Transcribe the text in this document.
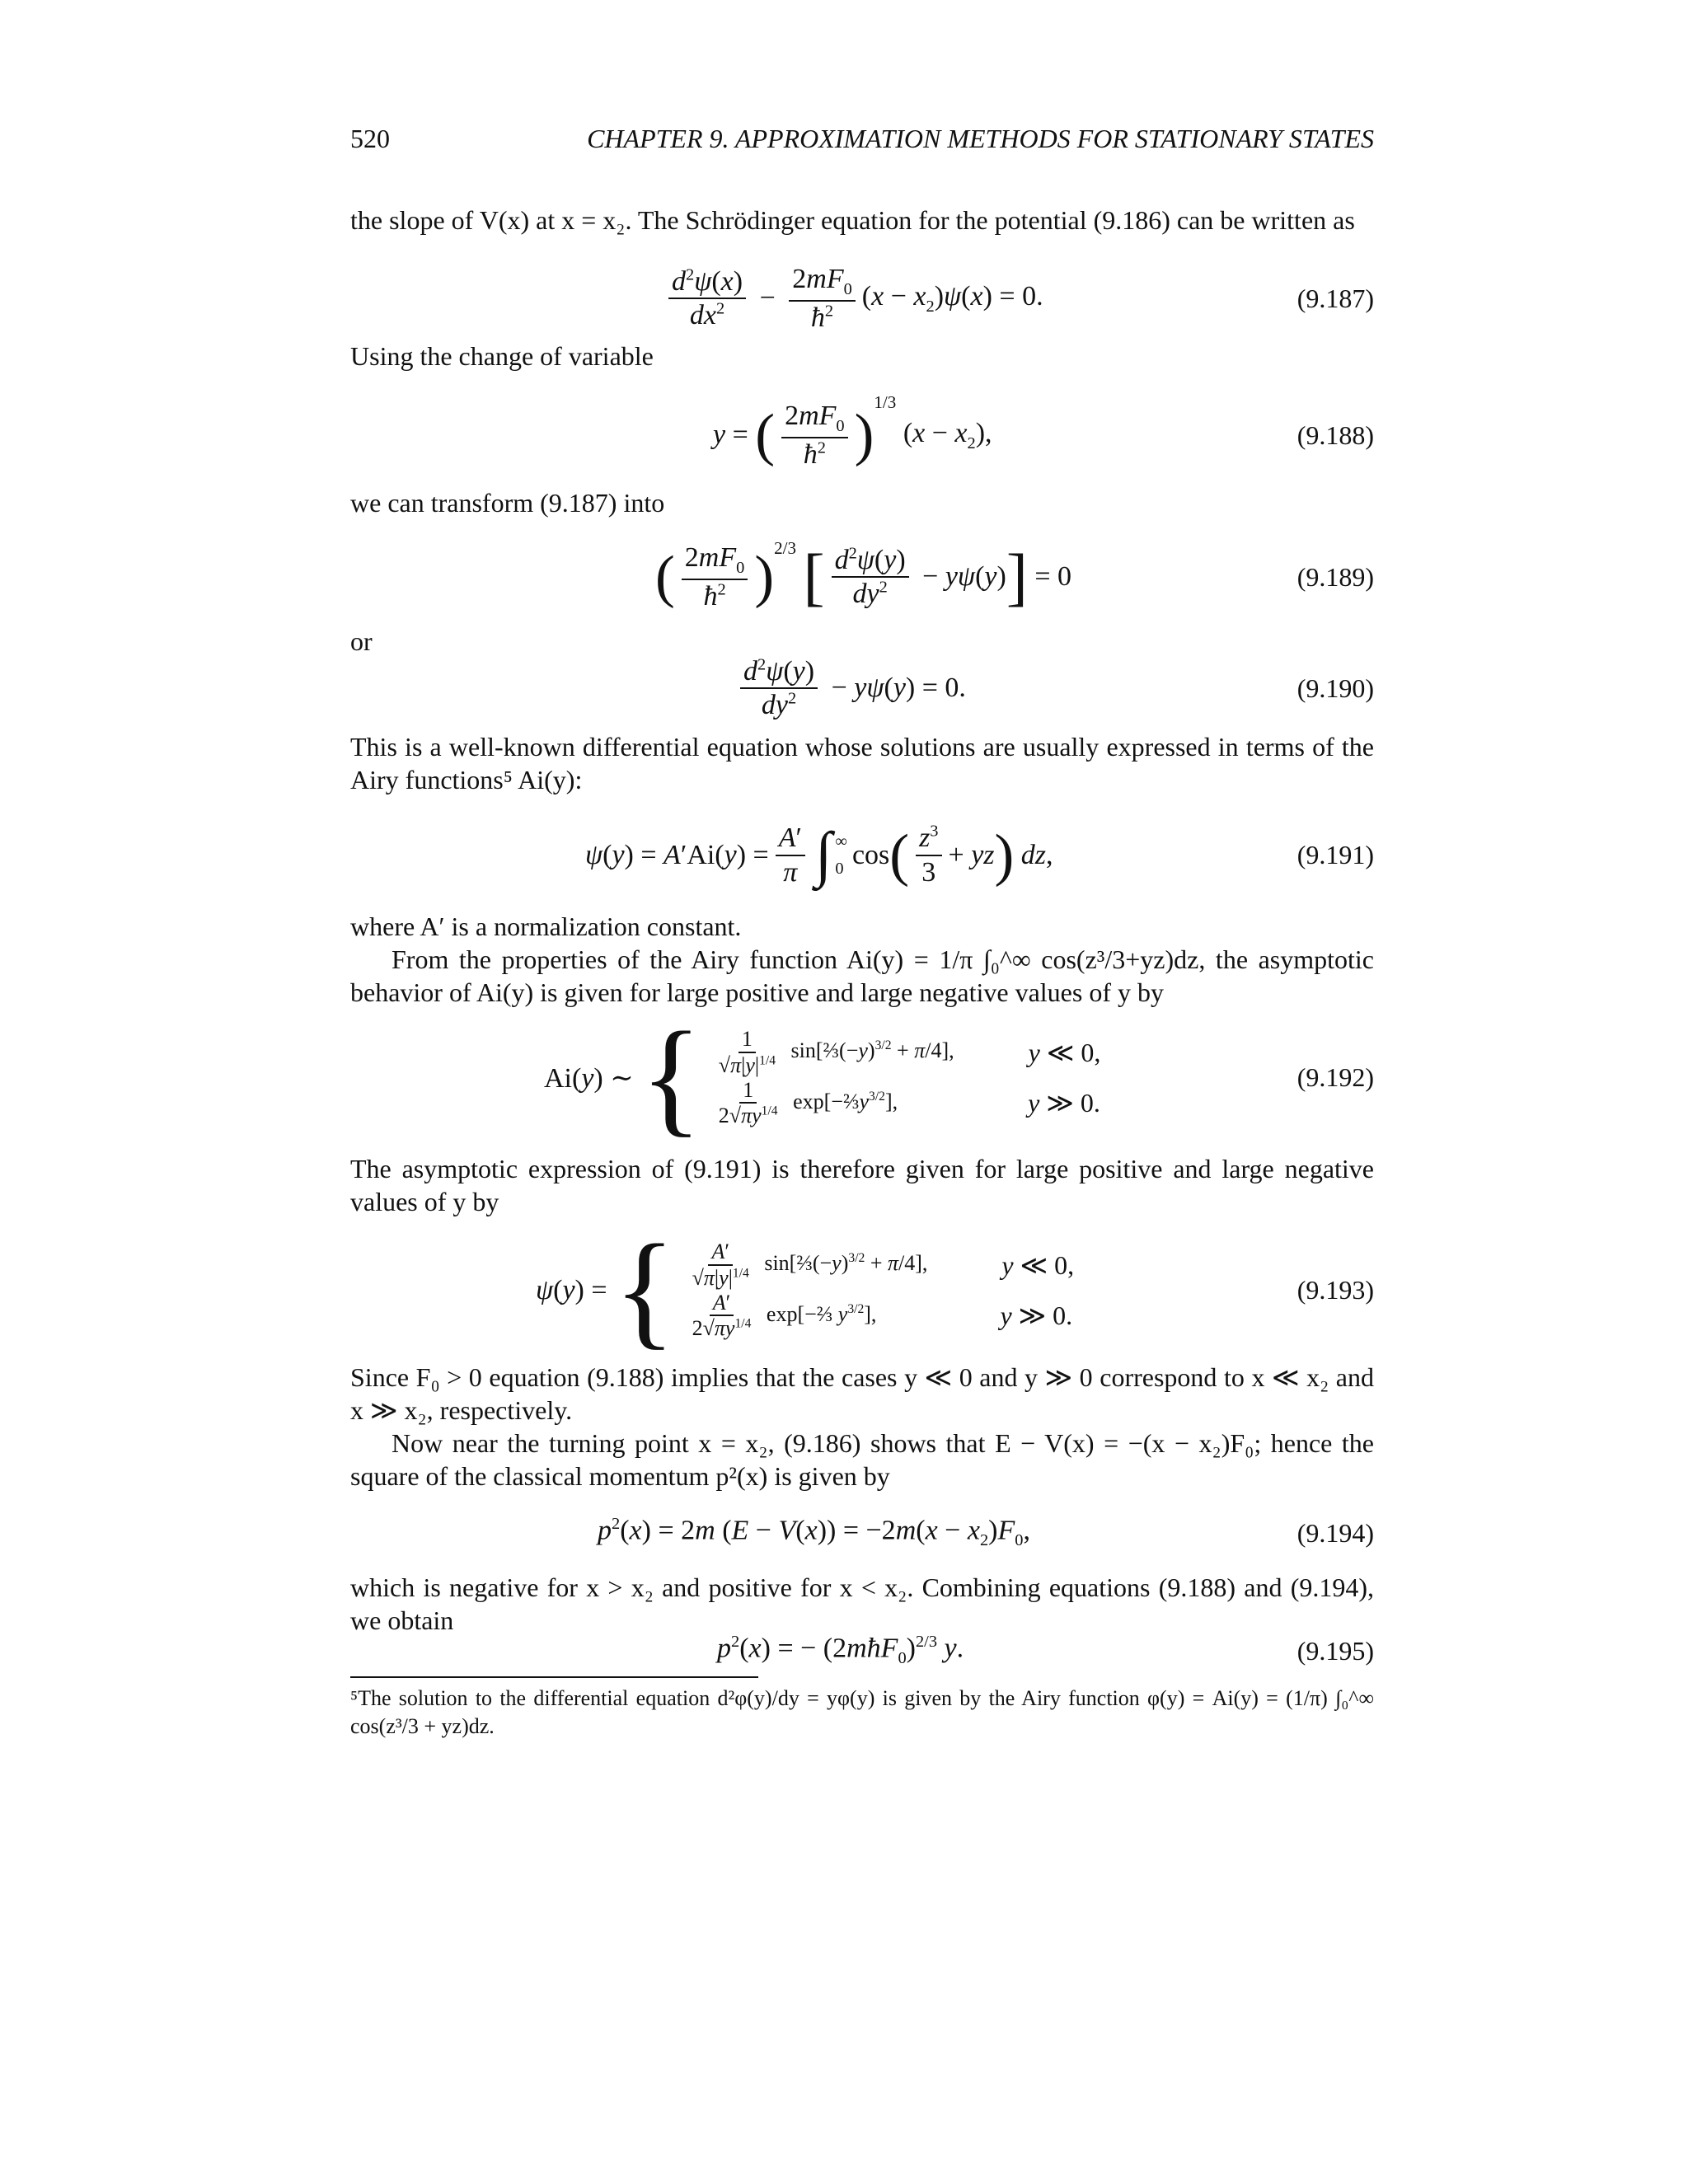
520	CHAPTER 9. APPROXIMATION METHODS FOR STATIONARY STATES
the slope of V(x) at x = x₂. The Schrödinger equation for the potential (9.186) can be written as
$\frac{d^2\psi(x)}{dx^2} - \frac{2mF_0}{ħ^2} (x - x_2)\psi(x) = 0$.	(9.187)
Using the change of variable
y = ( $\frac{2mF_0}{ħ^2}$ )
1/3
$(x - x_2)$,	(9.188)
we can transform (9.187) into
( $\frac{2mF_0}{ħ^2}$ ) 2/3
[ $\frac{d^2\psi(y)}{dy^2} - y\psi(y)$ ] = 0	(9.189)
or
$\frac{d^2\psi(y)}{dy^2} - y\psi(y) = 0$.	(9.190)
This is a well-known differential equation whose solutions are usually expressed in terms of the Airy functions⁵ Ai(y):
$\psi(y) = A'Ai(y) = \frac{A'}{\pi}$ ∫ ∞
0 cos ( $\frac{z^3}{3}$ + yz ) dz,	(9.191)
where A′ is a normalization constant.
From the properties of the Airy function Ai(y) = 1/π ∫₀^∞ cos(z³/3+yz)dz, the asymptotic behavior of Ai(y) is given for large positive and large negative values of y by
Ai(y) ∼ { $\frac{1}{√\pi|y|^{1/4}}$ $\sin[\frac{2}{3}(-y)^{3/2} + \pi/4]$,	y ≪ 0,
$\frac{1}{2√\pi y^{1/4}}$ $\exp[-\frac{2}{3}y^{3/2}]$,	y ≫ 0.
(9.192)
The asymptotic expression of (9.191) is therefore given for large positive and large negative values of y by
ψ(y) = { $\frac{A'}{√\pi|y|^{1/4}}$ $\sin[\frac{2}{3}(-y)^{3/2} + \pi/4]$,	y ≪ 0,
$\frac{A'}{2√\pi y^{1/4}}$ exp[−⅔ $y^{3/2}$],	y ≫ 0.
(9.193)
Since F₀ > 0 equation (9.188) implies that the cases y ≪ 0 and y ≫ 0 correspond to x ≪ x₂ and x ≫ x₂, respectively.
Now near the turning point x = x₂, (9.186) shows that E − V(x) = −(x − x₂)F₀; hence the square of the classical momentum p²(x) is given by
$p^2(x) = 2m$ $(E - V(x)) = -2m(x - x_2)F_0$,	(9.194)
which is negative for x > x₂ and positive for x < x₂. Combining equations (9.188) and (9.194), we obtain
$p^2(x)$ = − (2mħF$_0$)$^{2/3}$ y.	(9.195)
⁵The solution to the differential equation d²φ(y)/dy = yφ(y) is given by the Airy function φ(y) = Ai(y) = (1/π) ∫₀^∞ cos(z³/3 + yz)dz.
